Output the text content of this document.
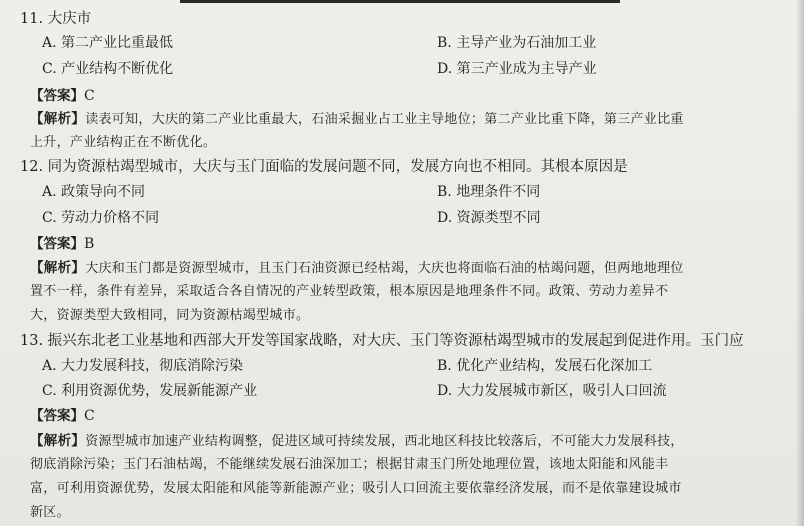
11. 大庆市
A. 第二产业比重最低	B. 主导产业为石油加工业
C. 产业结构不断优化	D. 第三产业成为主导产业
【答案】C
【解析】读表可知，大庆的第二产业比重最大，石油采掘业占工业主导地位；第二产业比重下降，第三产业比重
上升，产业结构正在不断优化。
12. 同为资源枯竭型城市，大庆与玉门面临的发展问题不同，发展方向也不相同。其根本原因是
A. 政策导向不同	B. 地理条件不同
C. 劳动力价格不同	D. 资源类型不同
【答案】B
【解析】大庆和玉门都是资源型城市，且玉门石油资源已经枯竭，大庆也将面临石油的枯竭问题，但两地地理位
置不一样，条件有差异，采取适合各自情况的产业转型政策，根本原因是地理条件不同。政策、劳动力差异不
大，资源类型大致相同，同为资源枯竭型城市。
13. 振兴东北老工业基地和西部大开发等国家战略，对大庆、玉门等资源枯竭型城市的发展起到促进作用。玉门应
A. 大力发展科技，彻底消除污染	B. 优化产业结构，发展石化深加工
C. 利用资源优势，发展新能源产业	D. 大力发展城市新区，吸引人口回流
【答案】C
【解析】资源型城市加速产业结构调整，促进区域可持续发展，西北地区科技比较落后，不可能大力发展科技，
彻底消除污染；玉门石油枯竭，不能继续发展石油深加工；根据甘肃玉门所处地理位置，该地太阳能和风能丰
富，可利用资源优势，发展太阳能和风能等新能源产业；吸引人口回流主要依靠经济发展，而不是依靠建设城市
新区。
